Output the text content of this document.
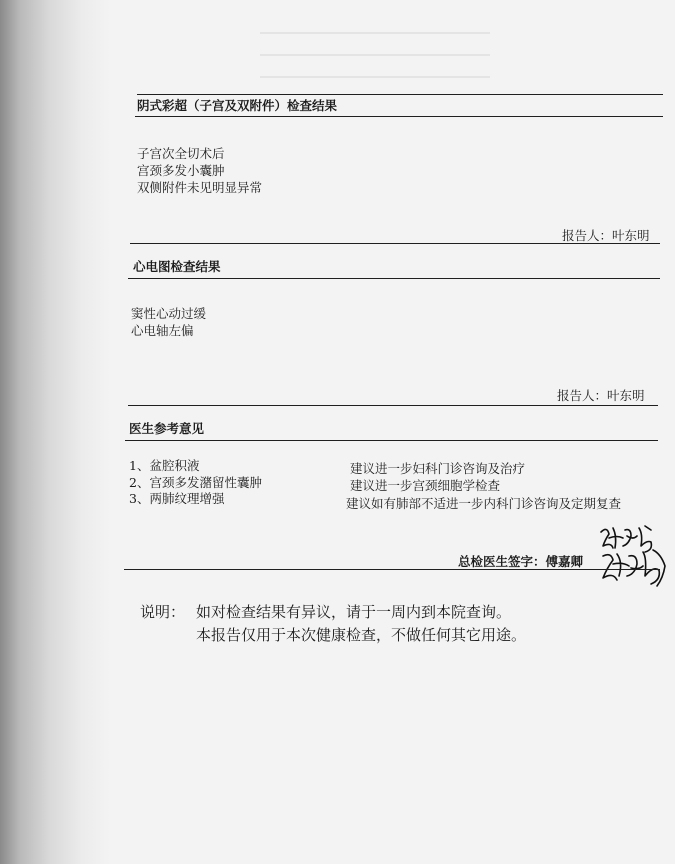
阴式彩超（子宫及双附件）检查结果
子宫次全切术后
宫颈多发小囊肿
双侧附件未见明显异常
报告人：叶东明
心电图检查结果
窦性心动过缓
心电轴左偏
报告人：叶东明
医生参考意见
1、盆腔积液
2、宫颈多发潴留性囊肿
3、两肺纹理增强
建议进一步妇科门诊咨询及治疗
建议进一步宫颈细胞学检查
建议如有肺部不适进一步内科门诊咨询及定期复查
总检医生签字：傅嘉卿
说明： 如对检查结果有异议，请于一周内到本院查询。
本报告仅用于本次健康检查，不做任何其它用途。
